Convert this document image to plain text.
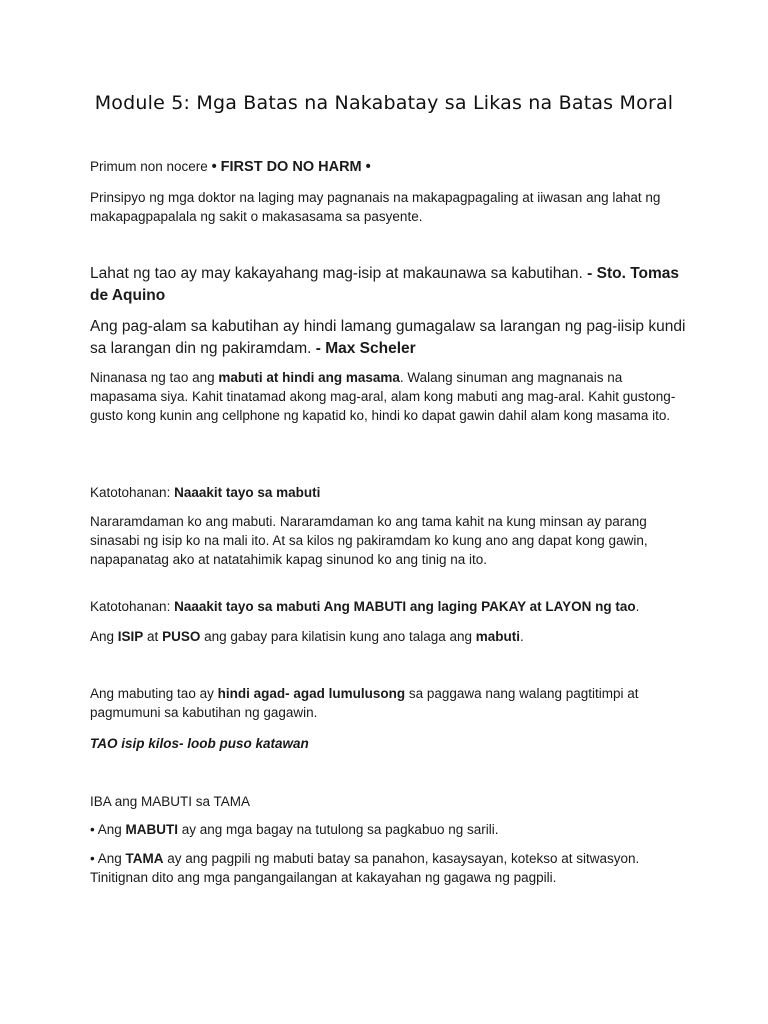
Module 5: Mga Batas na Nakabatay sa Likas na Batas Moral

Primum non nocere • FIRST DO NO HARM •

Prinsipyo ng mga doktor na laging may pagnanais na makapagpagaling at iiwasan ang lahat ng makapagpapalala ng sakit o makasasama sa pasyente.

Lahat ng tao ay may kakayahang mag-isip at makaunawa sa kabutihan. - Sto. Tomas de Aquino

Ang pag-alam sa kabutihan ay hindi lamang gumagalaw sa larangan ng pag-iisip kundi sa larangan din ng pakiramdam. - Max Scheler

Ninanasa ng tao ang mabuti at hindi ang masama. Walang sinuman ang magnanais na mapasama siya. Kahit tinatamad akong mag-aral, alam kong mabuti ang mag-aral. Kahit gustong-gusto kong kunin ang cellphone ng kapatid ko, hindi ko dapat gawin dahil alam kong masama ito.

Katotohanan: Naaakit tayo sa mabuti

Nararamdaman ko ang mabuti. Nararamdaman ko ang tama kahit na kung minsan ay parang sinasabi ng isip ko na mali ito. At sa kilos ng pakiramdam ko kung ano ang dapat kong gawin, napapanatag ako at natatahimik kapag sinunod ko ang tinig na ito.

Katotohanan: Naaakit tayo sa mabuti Ang MABUTI ang laging PAKAY at LAYON ng tao.

Ang ISIP at PUSO ang gabay para kilatisin kung ano talaga ang mabuti.

Ang mabuting tao ay hindi agad- agad lumulusong sa paggawa nang walang pagtitimpi at pagmumuni sa kabutihan ng gagawin.

TAO isip kilos- loob puso katawan

IBA ang MABUTI sa TAMA

• Ang MABUTI ay ang mga bagay na tutulong sa pagkabuo ng sarili.

• Ang TAMA ay ang pagpili ng mabuti batay sa panahon, kasaysayan, kotekso at sitwasyon. Tinitignan dito ang mga pangangailangan at kakayahan ng gagawa ng pagpili.
